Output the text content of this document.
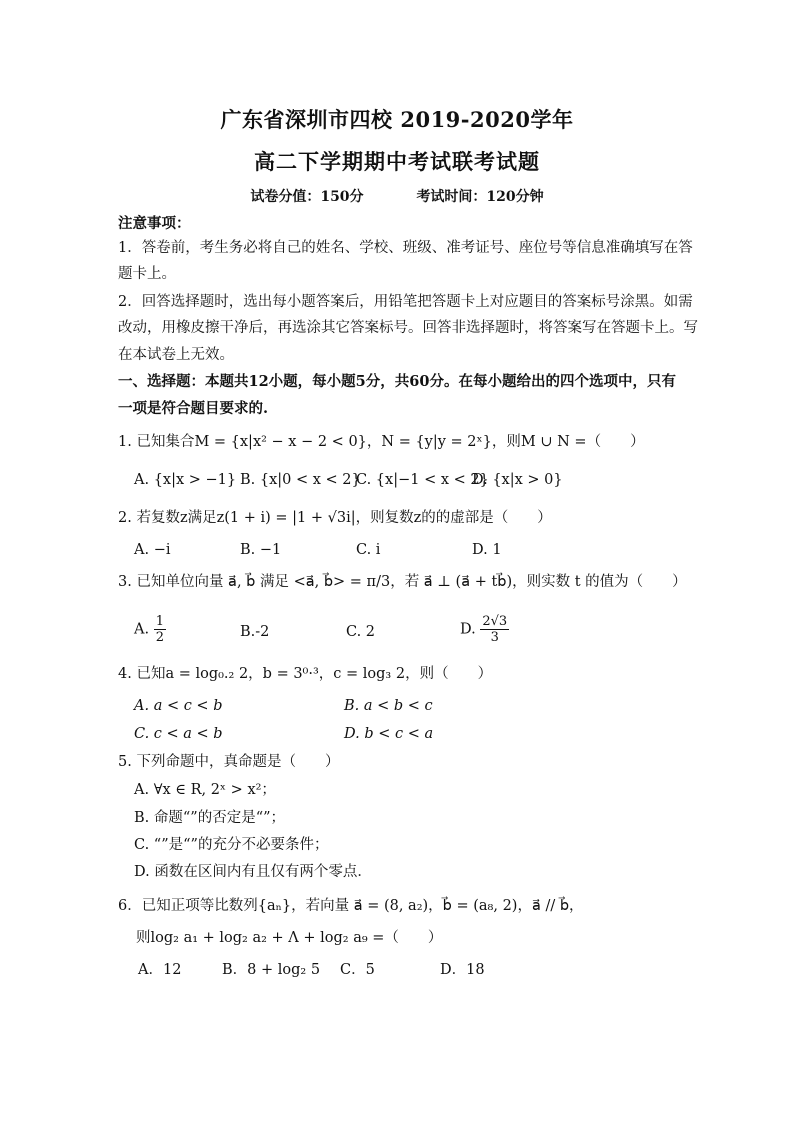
广东省深圳市四校 2019-2020学年
高二下学期期中考试联考试题
试卷分值：150分	考试时间：120分钟
注意事项：
1．答卷前，考生务必将自己的姓名、学校、班级、准考证号、座位号等信息准确填写在答
题卡上。
2．回答选择题时，选出每小题答案后，用铅笔把答题卡上对应题目的答案标号涂黑。如需
改动，用橡皮擦干净后，再选涂其它答案标号。回答非选择题时，将答案写在答题卡上。写
在本试卷上无效。
一、选择题：本题共12小题，每小题5分，共60分。在每小题给出的四个选项中，只有
一项是符合题目要求的.
1. 已知集合M = {x|x² − x − 2 < 0}，N = {y|y = 2ˣ}，则M ∪ N =（　　）
A. {x|x > −1} B. {x|0 < x < 2}
C. {x|−1 < x < 2}
D. {x|x > 0}
2. 若复数z满足z(1 + i) = |1 + √3i|，则复数z的的虚部是（　　）
A. −i	B. −1	C. i	D. 1
3. 已知单位向量 a⃗, b⃗ 满足 <a⃗, b⃗> = π/3，若 a⃗ ⊥ (a⃗ + tb⃗)，则实数 t 的值为（　　）
A. $\frac{1}{2}$	B.-2	C. 2	D. $\frac{2√3}{3}$
4. 已知a = log₀.₂ 2，b = 3⁰·³，c = log₃ 2，则（　　）
A. a < c < b	B. a < b < c
C. c < a < b	D. b < c < a
5. 下列命题中，真命题是（　　）
A. ∀x ∈ R, 2ˣ > x²；
B. 命题“”的否定是“”；
C. “”是“”的充分不必要条件；
D. 函数在区间内有且仅有两个零点．
6．已知正项等比数列{aₙ}，若向量 a⃗ = (8, a₂)，b⃗ = (a₈, 2)，a⃗ // b⃗，
则log₂ a₁ + log₂ a₂ + Λ + log₂ a₉ =（　　）
A．12	B．8 + log₂ 5 C．5	D．18
